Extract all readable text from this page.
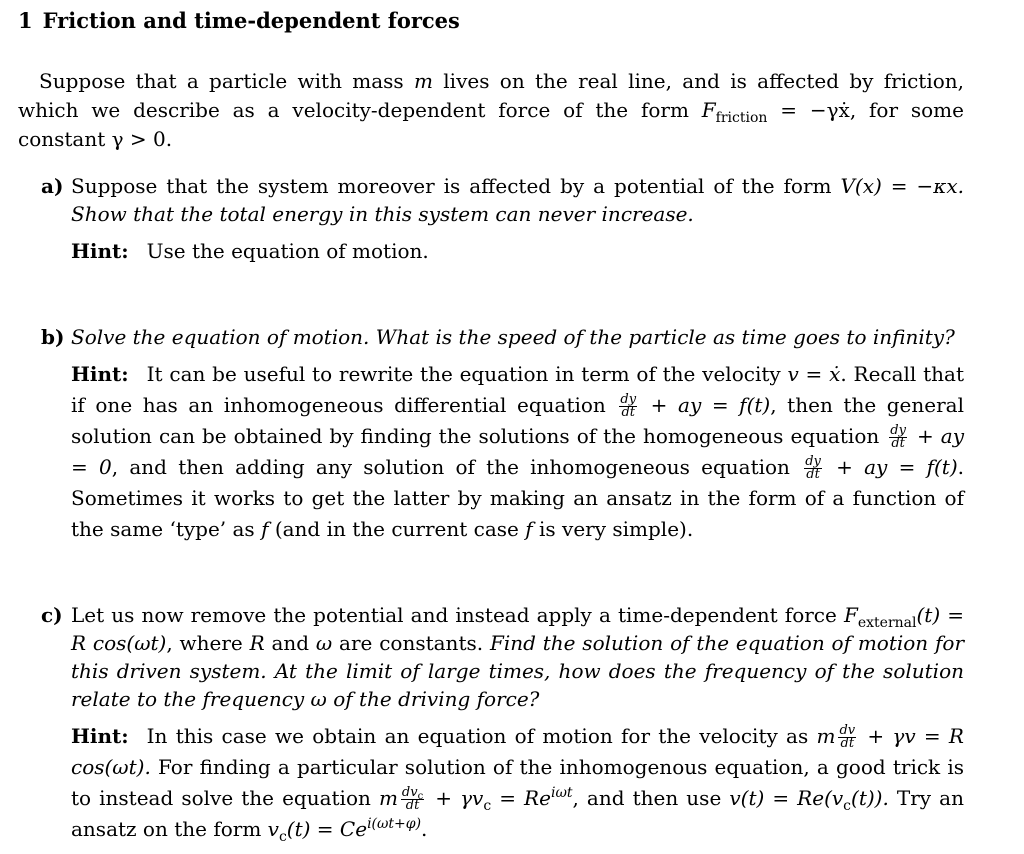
1 Friction and time-dependent forces
Suppose that a particle with mass m lives on the real line, and is affected by friction, which we describe as a velocity-dependent force of the form $F_{friction}$ = −γẋ, for some constant γ > 0.
a) Suppose that the system moreover is affected by a potential of the form V(x) = −κx. Show that the total energy in this system can never increase.
Hint: Use the equation of motion.
b) Solve the equation of motion. What is the speed of the particle as time goes to infinity?
Hint: It can be useful to rewrite the equation in term of the velocity v = ẋ. Recall that if one has an inhomogeneous differential equation $\frac{dy}{dt}$ + ay = f(t), then the general solution can be obtained by finding the solutions of the homogeneous equation $\frac{dy}{dt}$ + ay = 0, and then adding any solution of the inhomogeneous equation $\frac{dy}{dt}$ + ay = f(t). Sometimes it works to get the latter by making an ansatz in the form of a function of the same ‘type’ as f (and in the current case f is very simple).
c) Let us now remove the potential and instead apply a time-dependent force $F_{external}(t) = R$ cos(ωt), where R and ω are constants. Find the solution of the equation of motion for this driven system. At the limit of large times, how does the frequency of the solution relate to the frequency ω of the driving force?
Hint: In this case we obtain an equation of motion for the velocity as m $\frac{dv}{dt} + \gamma v = R$ cos(ωt). For finding a particular solution of the inhomogenous equation, a good trick is to instead solve the equation m $\frac{dv_c}{dt} + \gamma v_c = Re^{i\omega t}$, and then use $v(t) = Re(v_c(t))$. Try an ansatz on the form $v_c(t) = Ce^{i(\omega t+\varphi)}$.
